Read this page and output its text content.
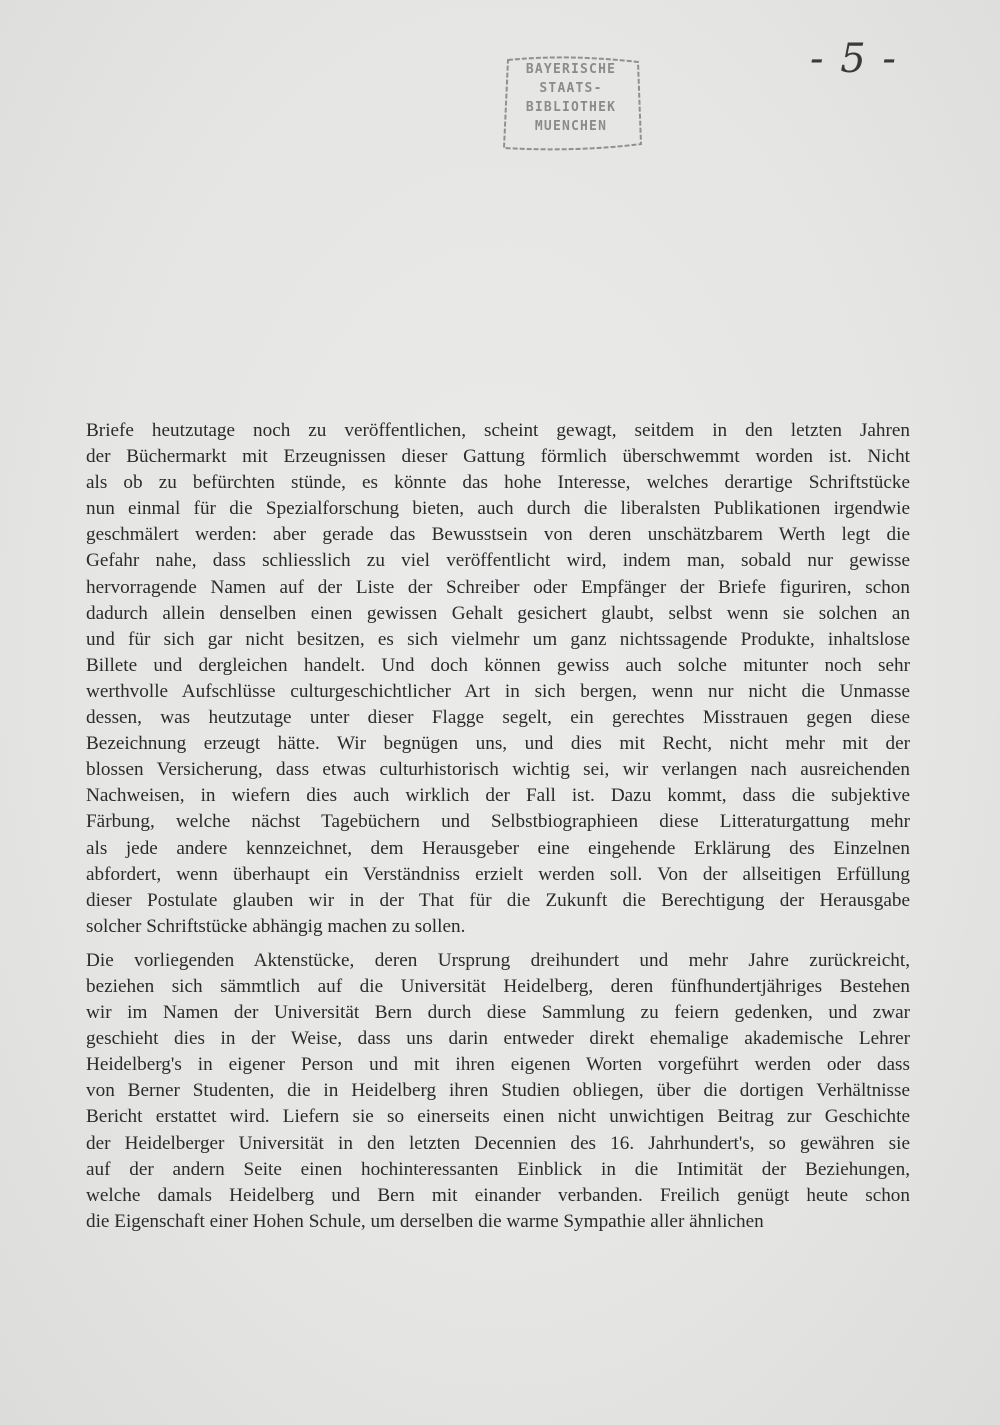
BAYERISCHE
STAATS-
BIBLIOTHEK
MUENCHEN
- 5 -
Briefe heutzutage noch zu veröffentlichen, scheint gewagt, seitdem in den letzten Jahren
der Büchermarkt mit Erzeugnissen dieser Gattung förmlich überschwemmt worden ist. Nicht
als ob zu befürchten stünde, es könnte das hohe Interesse, welches derartige Schriftstücke
nun einmal für die Spezialforschung bieten, auch durch die liberalsten Publikationen irgendwie
geschmälert werden: aber gerade das Bewusstsein von deren unschätzbarem Werth legt die
Gefahr nahe, dass schliesslich zu viel veröffentlicht wird, indem man, sobald nur gewisse
hervorragende Namen auf der Liste der Schreiber oder Empfänger der Briefe figuriren, schon
dadurch allein denselben einen gewissen Gehalt gesichert glaubt, selbst wenn sie solchen an
und für sich gar nicht besitzen, es sich vielmehr um ganz nichtssagende Produkte, inhaltslose
Billete und dergleichen handelt. Und doch können gewiss auch solche mitunter noch sehr
werthvolle Aufschlüsse culturgeschichtlicher Art in sich bergen, wenn nur nicht die Unmasse
dessen, was heutzutage unter dieser Flagge segelt, ein gerechtes Misstrauen gegen diese
Bezeichnung erzeugt hätte. Wir begnügen uns, und dies mit Recht, nicht mehr mit der
blossen Versicherung, dass etwas culturhistorisch wichtig sei, wir verlangen nach ausreichenden
Nachweisen, in wiefern dies auch wirklich der Fall ist. Dazu kommt, dass die subjektive
Färbung, welche nächst Tagebüchern und Selbstbiographieen diese Litteraturgattung mehr
als jede andere kennzeichnet, dem Herausgeber eine eingehende Erklärung des Einzelnen
abfordert, wenn überhaupt ein Verständniss erzielt werden soll. Von der allseitigen Erfüllung
dieser Postulate glauben wir in der That für die Zukunft die Berechtigung der Herausgabe
solcher Schriftstücke abhängig machen zu sollen.
Die vorliegenden Aktenstücke, deren Ursprung dreihundert und mehr Jahre zurückreicht,
beziehen sich sämmtlich auf die Universität Heidelberg, deren fünfhundertjähriges Bestehen
wir im Namen der Universität Bern durch diese Sammlung zu feiern gedenken, und zwar
geschieht dies in der Weise, dass uns darin entweder direkt ehemalige akademische Lehrer
Heidelberg's in eigener Person und mit ihren eigenen Worten vorgeführt werden oder dass
von Berner Studenten, die in Heidelberg ihren Studien obliegen, über die dortigen Verhältnisse
Bericht erstattet wird. Liefern sie so einerseits einen nicht unwichtigen Beitrag zur Geschichte
der Heidelberger Universität in den letzten Decennien des 16. Jahrhundert's, so gewähren sie
auf der andern Seite einen hochinteressanten Einblick in die Intimität der Beziehungen,
welche damals Heidelberg und Bern mit einander verbanden. Freilich genügt heute schon
die Eigenschaft einer Hohen Schule, um derselben die warme Sympathie aller ähnlichen
